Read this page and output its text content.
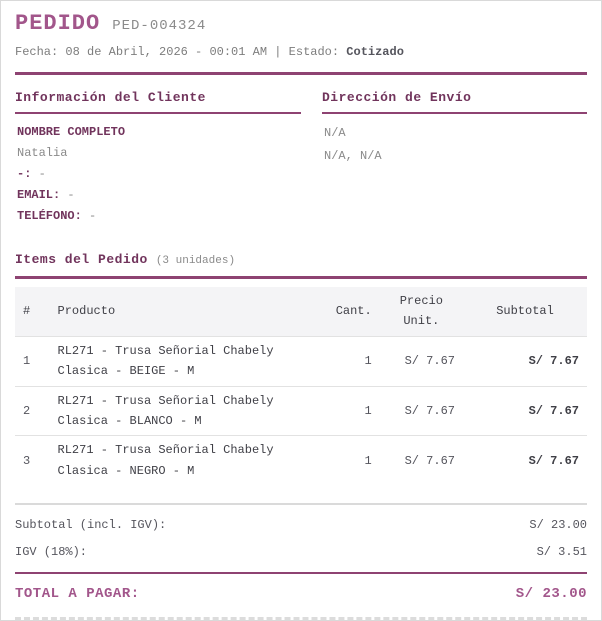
PEDIDO PED-004324
Fecha: 08 de Abril, 2026 - 00:01 AM | Estado: Cotizado
Información del Cliente
NOMBRE COMPLETO
Natalia
-: -
EMAIL: -
TELÉFONO: -
Dirección de Envío
N/A
N/A, N/A
Items del Pedido (3 unidades)
#	Producto	Cant.	Precio Unit.	Subtotal
1	RL271 - Trusa Señorial Chabely Clasica - BEIGE - M	1	S/ 7.67	S/ 7.67
2	RL271 - Trusa Señorial Chabely Clasica - BLANCO - M	1	S/ 7.67	S/ 7.67
3	RL271 - Trusa Señorial Chabely Clasica - NEGRO - M	1	S/ 7.67	S/ 7.67
Subtotal (incl. IGV):	S/ 23.00
IGV (18%):	S/ 3.51
TOTAL A PAGAR:	S/ 23.00
